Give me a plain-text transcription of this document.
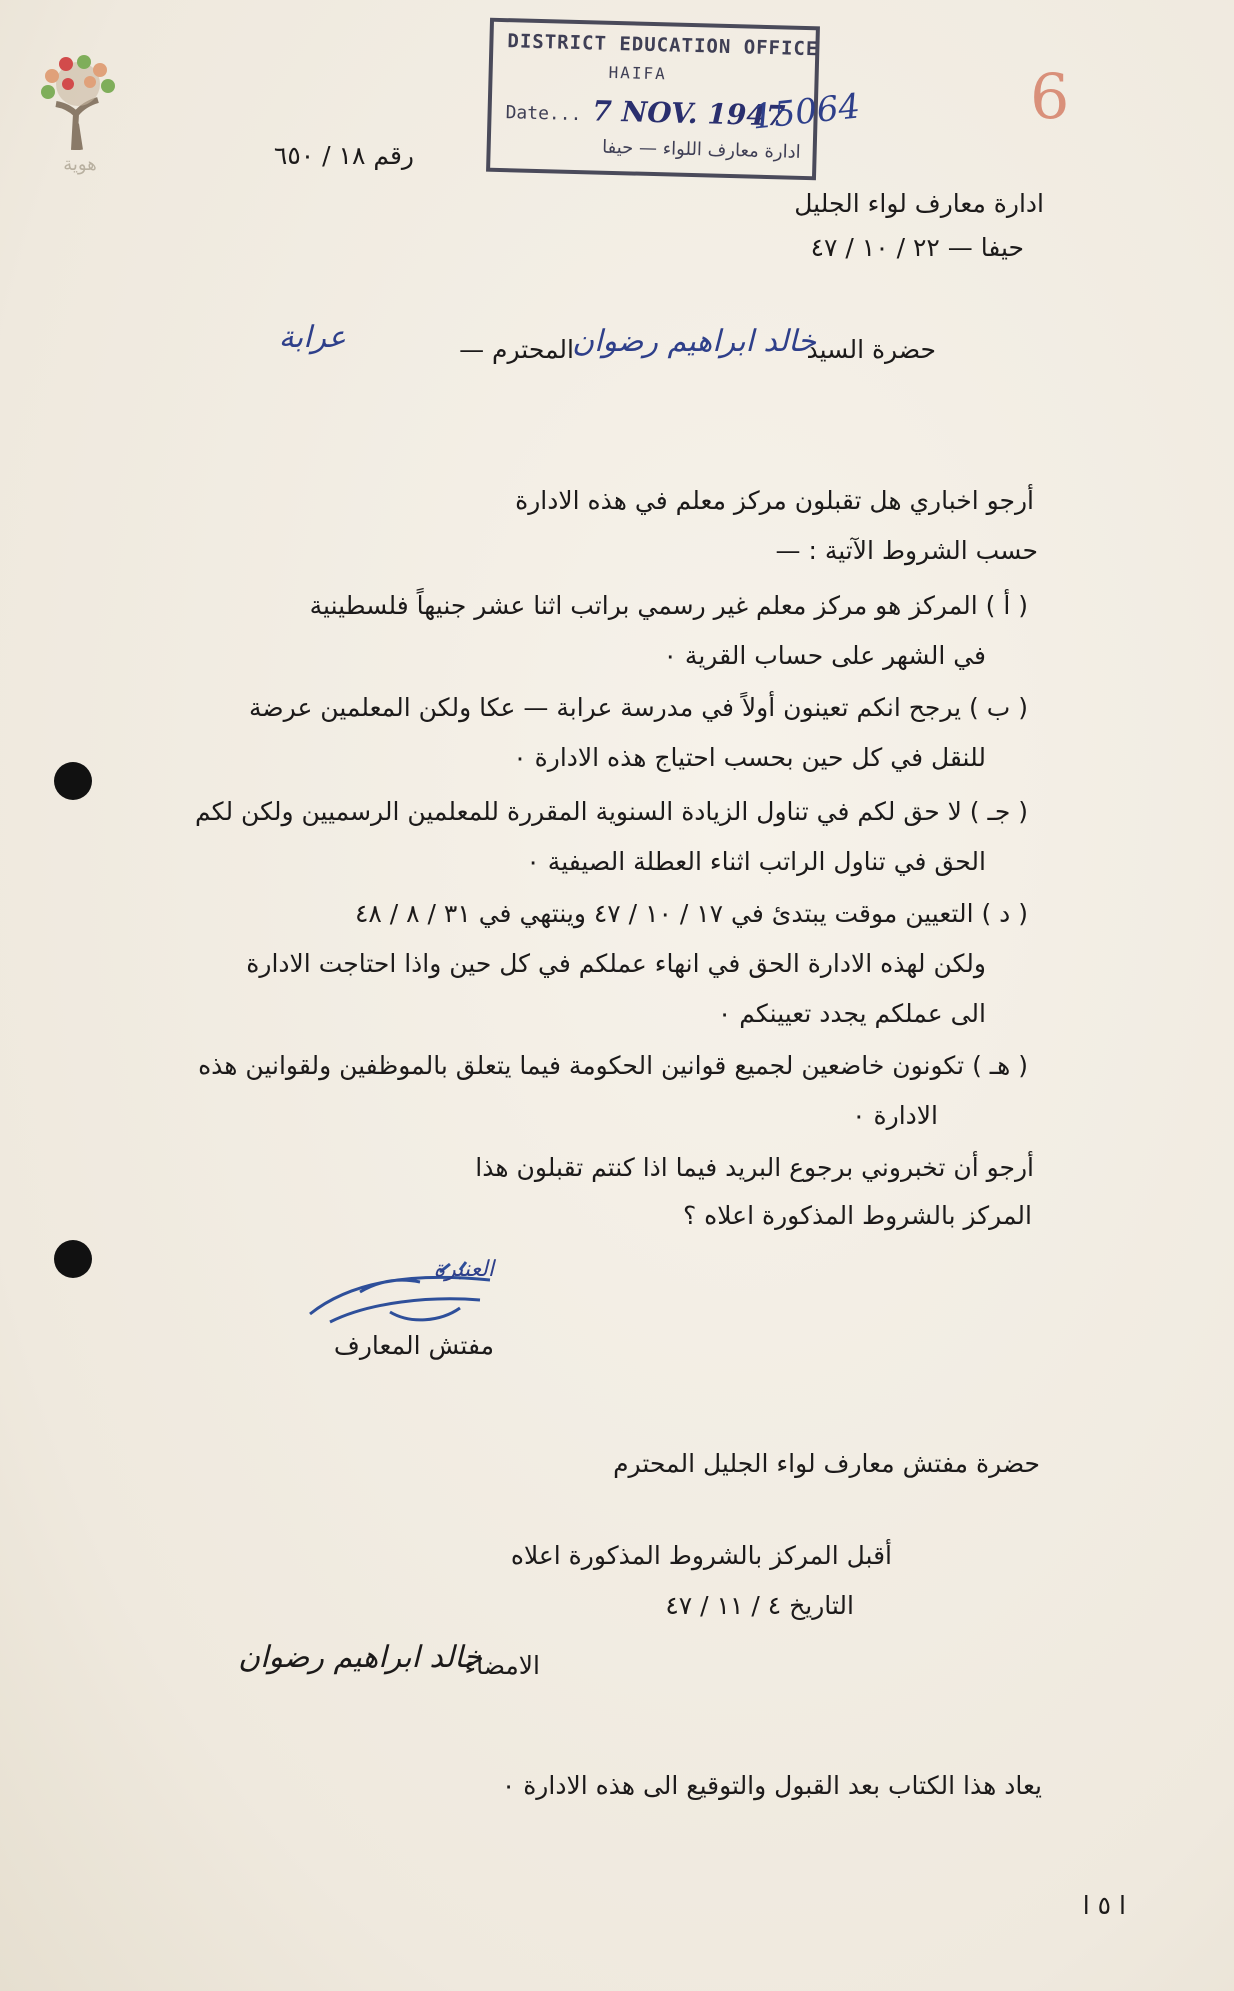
هوية
DISTRICT EDUCATION OFFICE
HAIFA
Date... 7 NOV. 1947
ادارة معارف اللواء — حيفا
15064	6
رقم ١٨ / ٦٥٠
ادارة معارف لواء الجليل
حيفا — ٢٢ / ١٠ / ٤٧
حضرة السيد
خالد ابراهيم رضوان
المحترم —
عرابة
أرجو اخباري هل تقبلون مركز معلم في هذه الادارة
حسب الشروط الآتية : —
( أ ) المركز هو مركز معلم غير رسمي براتب اثنا عشر جنيهاً فلسطينية
في الشهر على حساب القرية ٠
( ب ) يرجح انكم تعينون أولاً في مدرسة عرابة — عكا ولكن المعلمين عرضة
للنقل في كل حين بحسب احتياج هذه الادارة ٠
( جـ ) لا حق لكم في تناول الزيادة السنوية المقررة للمعلمين الرسميين ولكن لكم
الحق في تناول الراتب اثناء العطلة الصيفية ٠
( د ) التعيين موقت يبتدئ في ١٧ / ١٠ / ٤٧ وينتهي في ٣١ / ٨ / ٤٨
ولكن لهذه الادارة الحق في انهاء عملكم في كل حين واذا احتاجت الادارة
الى عملكم يجدد تعيينكم ٠
( هـ ) تكونون خاضعين لجميع قوانين الحكومة فيما يتعلق بالموظفين ولقوانين هذه
الادارة ٠
أرجو أن تخبروني برجوع البريد فيما اذا كنتم تقبلون هذا
المركز بالشروط المذكورة اعلاه ؟
العنبرة
مفتش المعارف
حضرة مفتش معارف لواء الجليل المحترم
أقبل المركز بالشروط المذكورة اعلاه
التاريخ ٤ / ١١ / ٤٧
الامضاء
خالد ابراهيم رضوان
يعاد هذا الكتاب بعد القبول والتوقيع الى هذه الادارة ٠
ا ٥ ا
